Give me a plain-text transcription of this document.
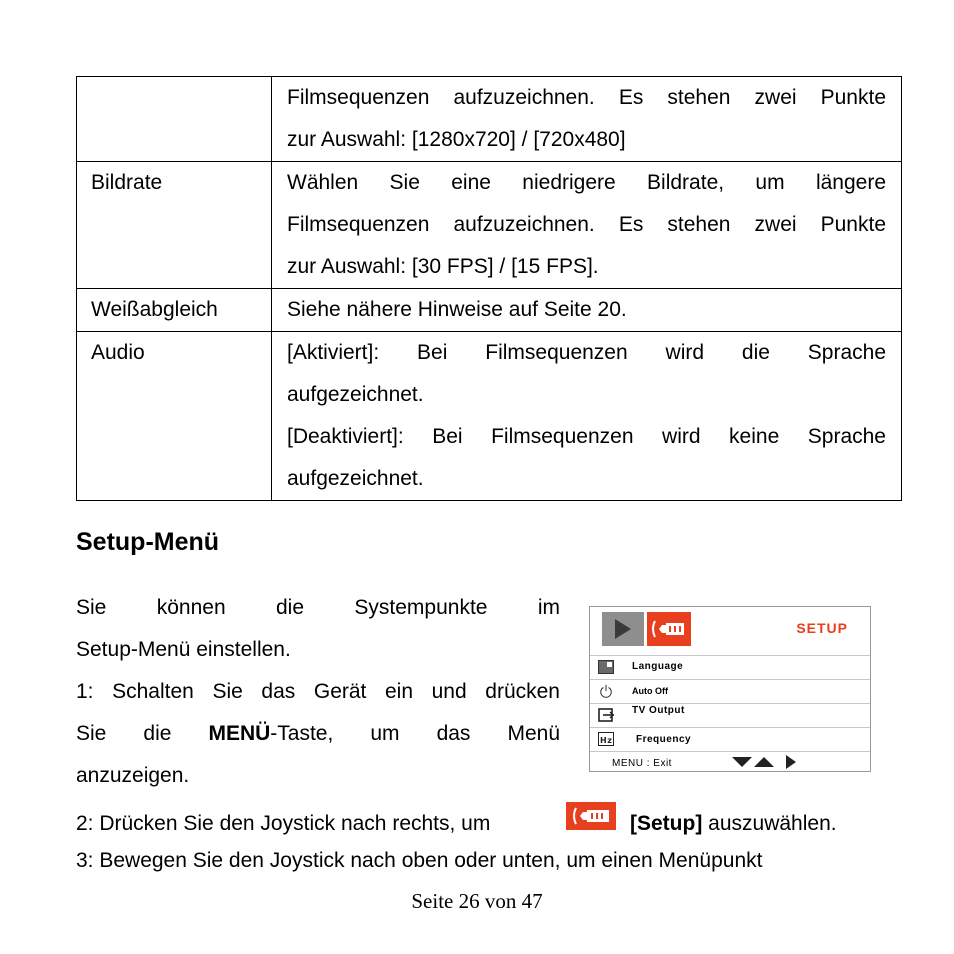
	Filmsequenzen aufzuzeichnen. Es stehen zwei Punkte
zur Auswahl: [1280x720] / [720x480]

Bildrate	Wählen Sie eine niedrigere Bildrate, um längere
Filmsequenzen aufzuzeichnen. Es stehen zwei Punkte
zur Auswahl: [30 FPS] / [15 FPS].

Weißabgleich	Siehe nähere Hinweise auf Seite 20.

Audio	[Aktiviert]: Bei Filmsequenzen wird die Sprache
aufgezeichnet.
[Deaktiviert]: Bei Filmsequenzen wird keine Sprache
aufgezeichnet.
Setup-Menü
Sie können die Systempunkte im
Setup-Menü einstellen.
1: Schalten Sie das Gerät ein und drücken
Sie die MENÜ-Taste, um das Menü
anzuzeigen.
SETUP
Language
Auto Off
TV Output
Hz Frequency
MENU : Exit
2: Drücken Sie den Joystick nach rechts, um	[Setup] auszuwählen.
3: Bewegen Sie den Joystick nach oben oder unten, um einen Menüpunkt
Seite 26 von 47
